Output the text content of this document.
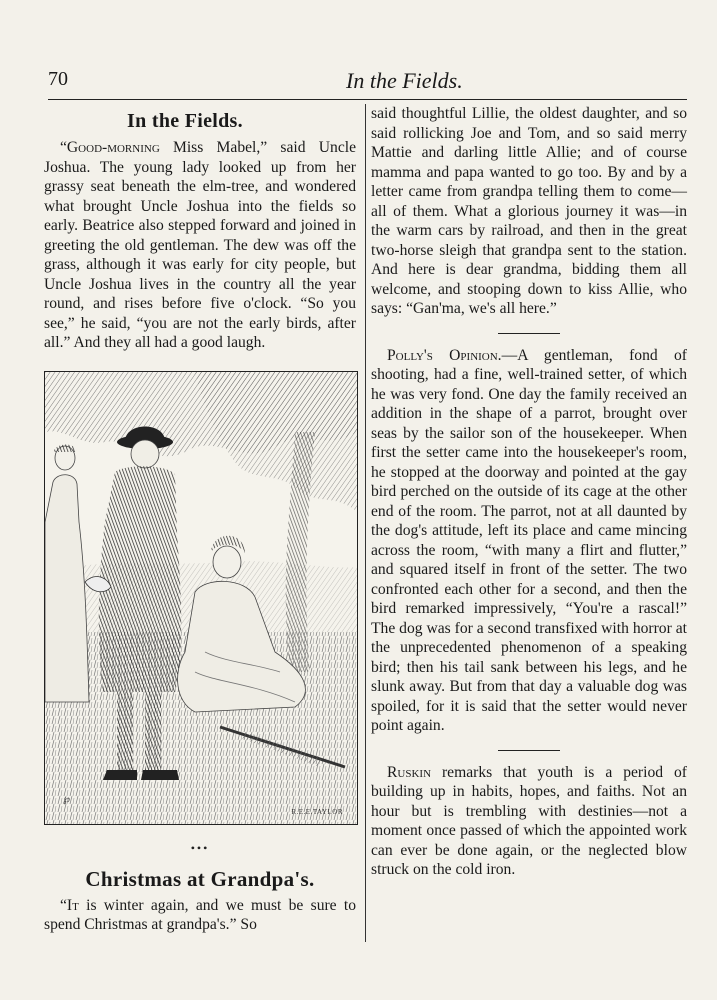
70	In the Fields.
In the Fields.

“Good-morning Miss Mabel,” said Uncle Joshua. The young lady looked up from her grassy seat beneath the elm-tree, and wondered what brought Uncle Joshua into the fields so early. Beatrice also stepped forward and joined in greeting the old gentleman. The dew was off the grass, although it was early for city people, but Uncle Joshua lives in the country all the year round, and rises before five o'clock. “So you see,” he said, “you are not the early birds, after all.” And they all had a good laugh.

℘
R.E.E.TAYLOR
•••
Christmas at Grandpa's.

“It is winter again, and we must be sure to spend Christmas at grandpa's.” So

said thoughtful Lillie, the oldest daughter, and so said rollicking Joe and Tom, and so said merry Mattie and darling little Allie; and of course mamma and papa wanted to go too. By and by a letter came from grandpa telling them to come—all of them. What a glorious journey it was—in the warm cars by railroad, and then in the great two-horse sleigh that grandpa sent to the station. And here is dear grandma, bidding them all welcome, and stooping down to kiss Allie, who says: “Gan'ma, we's all here.”

Polly's Opinion.—A gentleman, fond of shooting, had a fine, well-trained setter, of which he was very fond. One day the family received an addition in the shape of a parrot, brought over seas by the sailor son of the housekeeper. When first the setter came into the housekeeper's room, he stopped at the doorway and pointed at the gay bird perched on the outside of its cage at the other end of the room. The parrot, not at all daunted by the dog's attitude, left its place and came mincing across the room, “with many a flirt and flutter,” and squared itself in front of the setter. The two confronted each other for a second, and then the bird remarked impressively, “You're a rascal!” The dog was for a second transfixed with horror at the unprecedented phenomenon of a speaking bird; then his tail sank between his legs, and he slunk away. But from that day a valuable dog was spoiled, for it is said that the setter would never point again.

Ruskin remarks that youth is a period of building up in habits, hopes, and faiths. Not an hour but is trembling with destinies—not a moment once passed of which the appointed work can ever be done again, or the neglected blow struck on the cold iron.
